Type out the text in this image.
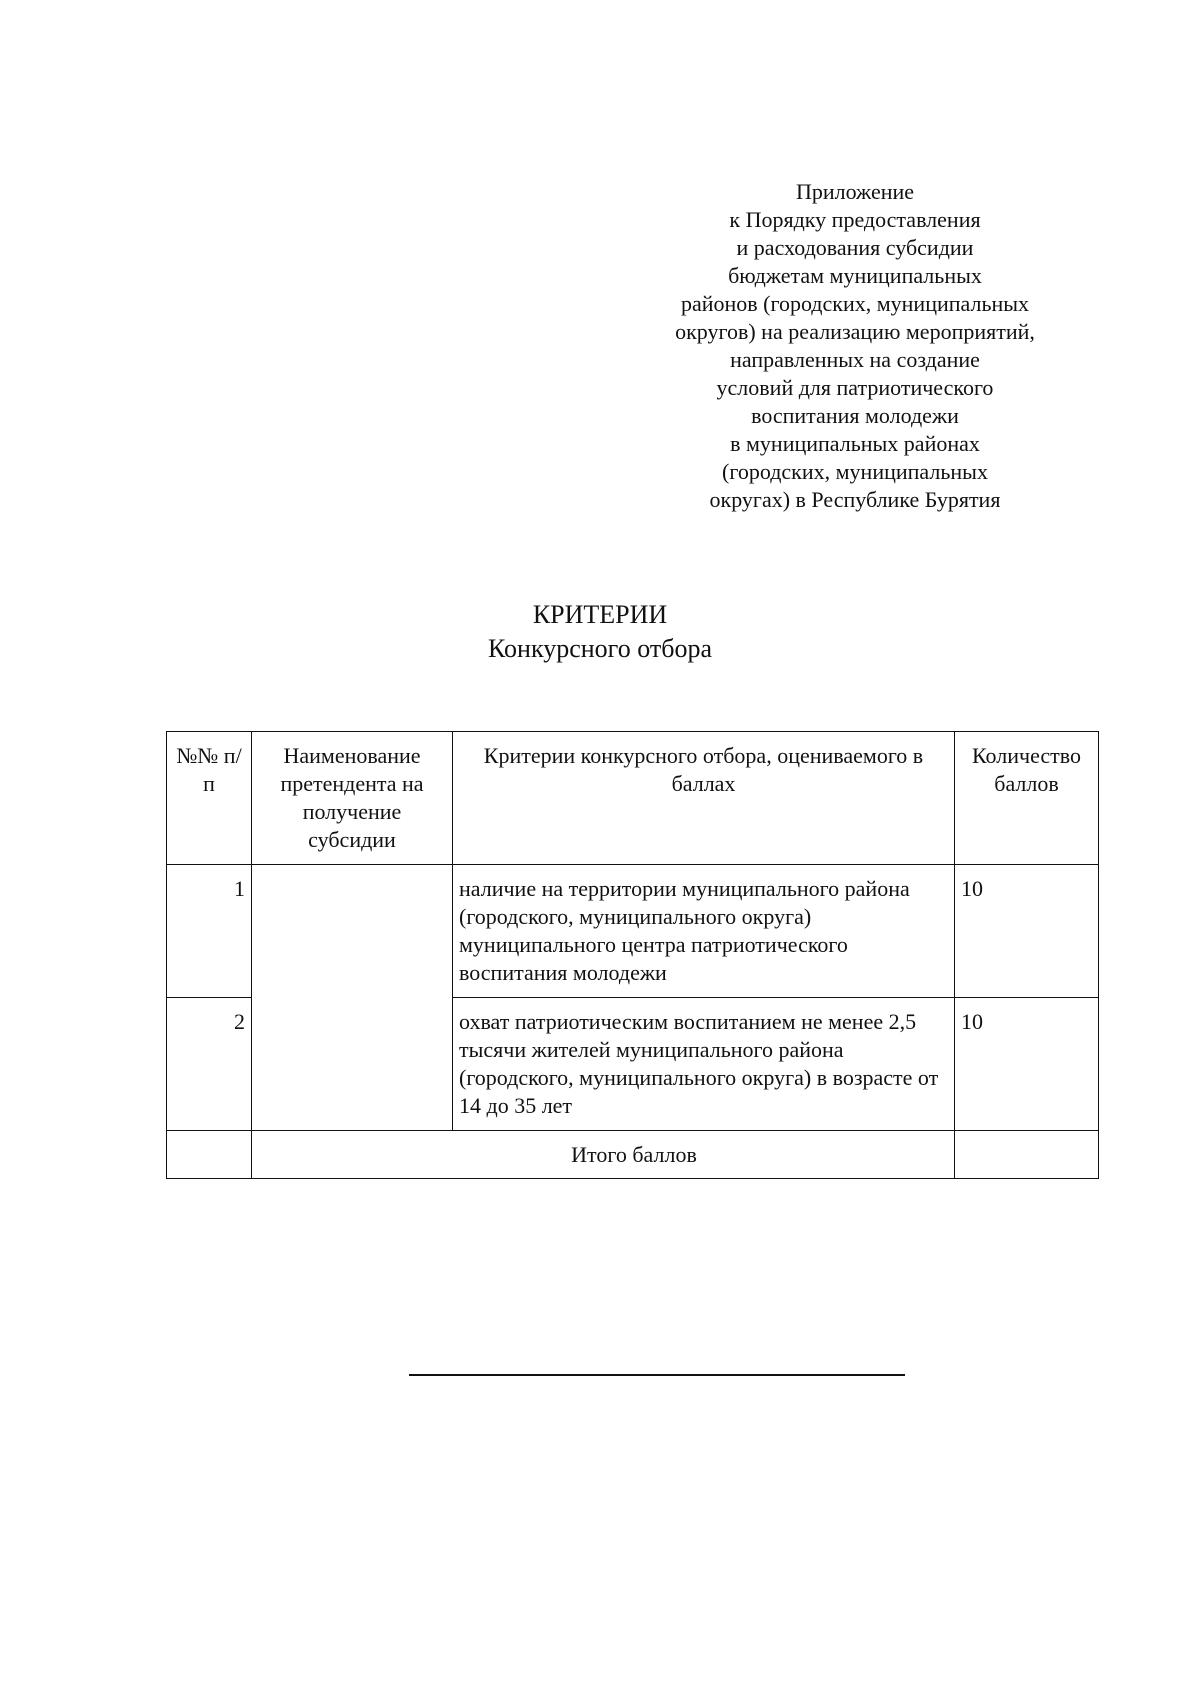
Приложение
к Порядку предоставления
и расходования субсидии
бюджетам муниципальных
районов (городских, муниципальных
округов) на реализацию мероприятий,
направленных на создание
условий для патриотического
воспитания молодежи
в муниципальных районах
(городских, муниципальных
округах) в Республике Бурятия
КРИТЕРИИ
Конкурсного отбора
№№ п/п	Наименование претендента на получение субсидии	Критерии конкурсного отбора, оцениваемого в баллах	Количество баллов
1		наличие на территории муниципального района (городского, муниципального округа) муниципального центра патриотического воспитания молодежи	10
2		охват патриотическим воспитанием не менее 2,5 тысячи жителей муниципального района (городского, муниципального округа) в возрасте от 14 до 35 лет	10
	Итого баллов		
